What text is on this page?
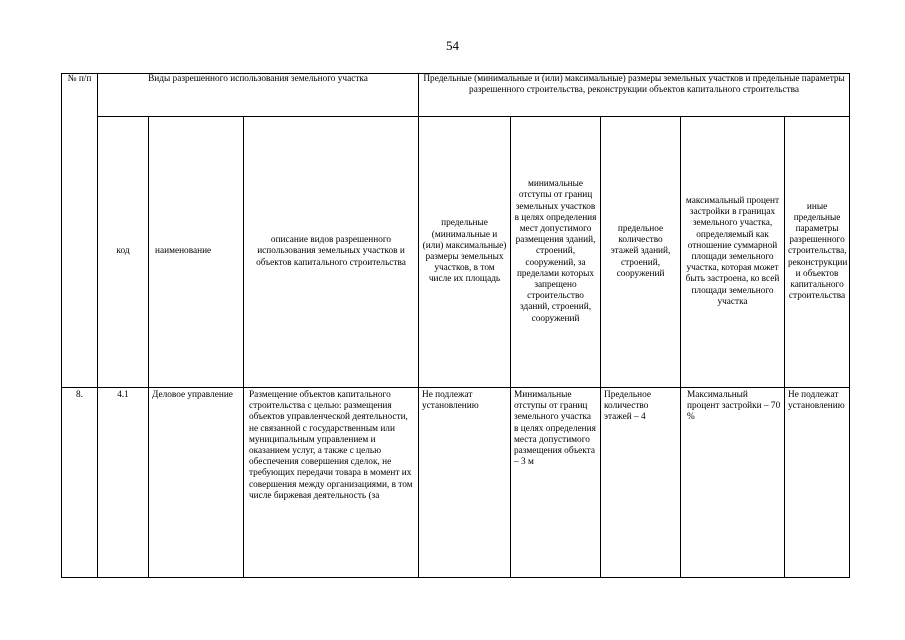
54
№ п/п	Виды разрешенного использования земельного участка			Предельные (минимальные и (или) максимальные) размеры земельных участков и предельные параметры разрешенного строительства, реконструкции объектов капитального строительства				
	код	наименование	описание видов разрешенного использования земельных участков и объектов капитального строительства	предельные (минимальные и (или) максимальные) размеры земельных участков, в том числе их площадь	минимальные отступы от границ земельных участков в целях определения мест допустимого размещения зданий, строений, сооружений, за пределами которых запрещено строительство зданий, строений, сооружений	предельное количество этажей зданий, строений, сооружений	максимальный процент застройки в границах земельного участка, определяемый как отношение суммарной площади земельного участка, которая может быть застроена, ко всей площади земельного участка	иные предельные параметры разрешенного строительства, реконструкции и объектов капитального строительства
8.	4.1	Деловое управление	Размещение объектов капитального строительства с целью: размещения объектов управленческой деятельности, не связанной с государственным или муниципальным управлением и оказанием услуг, а также с целью обеспечения совершения сделок, не требующих передачи товара в момент их совершения между организациями, в том числе биржевая деятельность (за	Не подлежат установлению	Минимальные отступы от границ земельного участка в целях определения места допустимого размещения объекта – 3 м	Предельное количество этажей – 4	Максимальный процент застройки – 70 %	Не подлежат установлению
